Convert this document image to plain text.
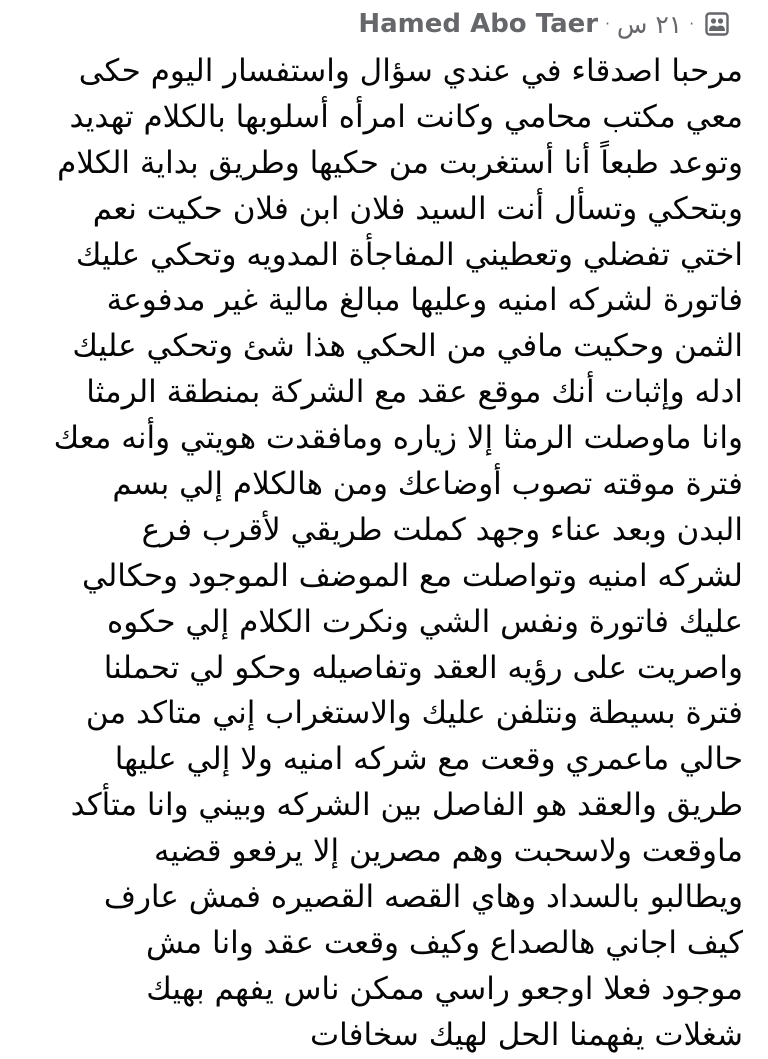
Hamed Abo Taer · ٢١ س ·
مرحبا اصدقاء في عندي سؤال واستفسار اليوم حكى
معي مكتب محامي وكانت امرأه أسلوبها بالكلام تهديد
وتوعد طبعاً أنا أستغربت من حكيها وطريق بداية الكلام
وبتحكي وتسأل أنت السيد فلان ابن فلان حكيت نعم
اختي تفضلي وتعطيني المفاجأة المدويه وتحكي عليك
فاتورة لشركه امنيه وعليها مبالغ مالية غير مدفوعة
الثمن وحكيت مافي من الحكي هذا شئ وتحكي عليك
ادله وإثبات أنك موقع عقد مع الشركة بمنطقة الرمثا
وانا ماوصلت الرمثا إلا زياره ومافقدت هويتي وأنه معك
فترة موقته تصوب أوضاعك ومن هالكلام إلي بسم
البدن وبعد عناء وجهد كملت طريقي لأقرب فرع
لشركه امنيه وتواصلت مع الموضف الموجود وحكالي
عليك فاتورة ونفس الشي ونكرت الكلام إلي حكوه
واصريت على رؤيه العقد وتفاصيله وحكو لي تحملنا
فترة بسيطة ونتلفن عليك والاستغراب إني متاكد من
حالي ماعمري وقعت مع شركه امنيه ولا إلي عليها
طريق والعقد هو الفاصل بين الشركه وبيني وانا متأكد
ماوقعت ولاسحبت وهم مصرين إلا يرفعو قضيه
ويطالبو بالسداد وهاي القصه القصيره فمش عارف
كيف اجاني هالصداع وكيف وقعت عقد وانا مش
موجود فعلا اوجعو راسي ممكن ناس يفهم بهيك
شغلات يفهمنا الحل لهيك سخافات
